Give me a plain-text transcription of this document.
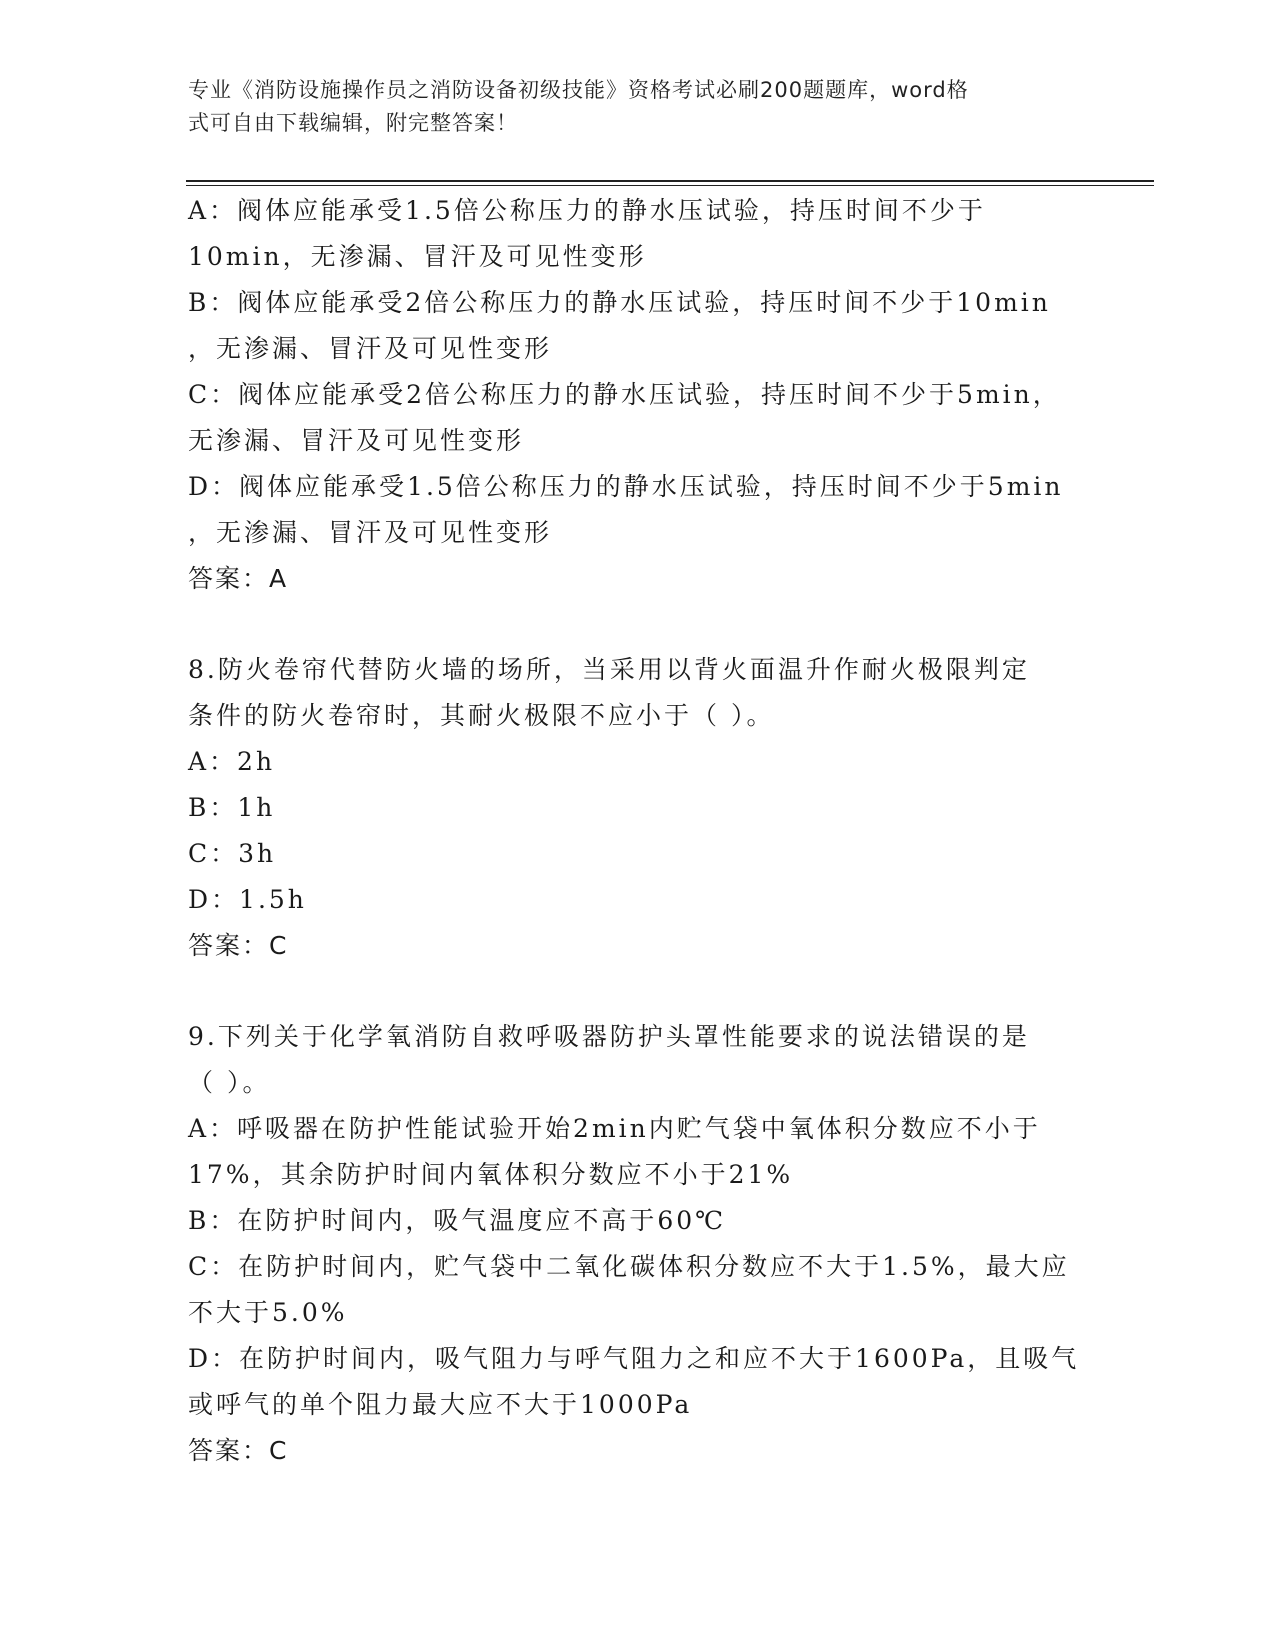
专业《消防设施操作员之消防设备初级技能》资格考试必刷200题题库，word格
式可自由下载编辑，附完整答案！
A：阀体应能承受1.5倍公称压力的静水压试验，持压时间不少于
10min，无渗漏、冒汗及可见性变形
B：阀体应能承受2倍公称压力的静水压试验，持压时间不少于10min
，无渗漏、冒汗及可见性变形
C：阀体应能承受2倍公称压力的静水压试验，持压时间不少于5min，
无渗漏、冒汗及可见性变形
D：阀体应能承受1.5倍公称压力的静水压试验，持压时间不少于5min
，无渗漏、冒汗及可见性变形
答案：A
8.防火卷帘代替防火墙的场所，当采用以背火面温升作耐火极限判定
条件的防火卷帘时，其耐火极限不应小于（ ）。
A：2h
B：1h
C：3h
D：1.5h
答案：C
9.下列关于化学氧消防自救呼吸器防护头罩性能要求的说法错误的是
（ ）。
A：呼吸器在防护性能试验开始2min内贮气袋中氧体积分数应不小于
17%，其余防护时间内氧体积分数应不小于21%
B：在防护时间内，吸气温度应不高于60℃
C：在防护时间内，贮气袋中二氧化碳体积分数应不大于1.5%，最大应
不大于5.0%
D：在防护时间内，吸气阻力与呼气阻力之和应不大于1600Pa，且吸气
或呼气的单个阻力最大应不大于1000Pa
答案：C
